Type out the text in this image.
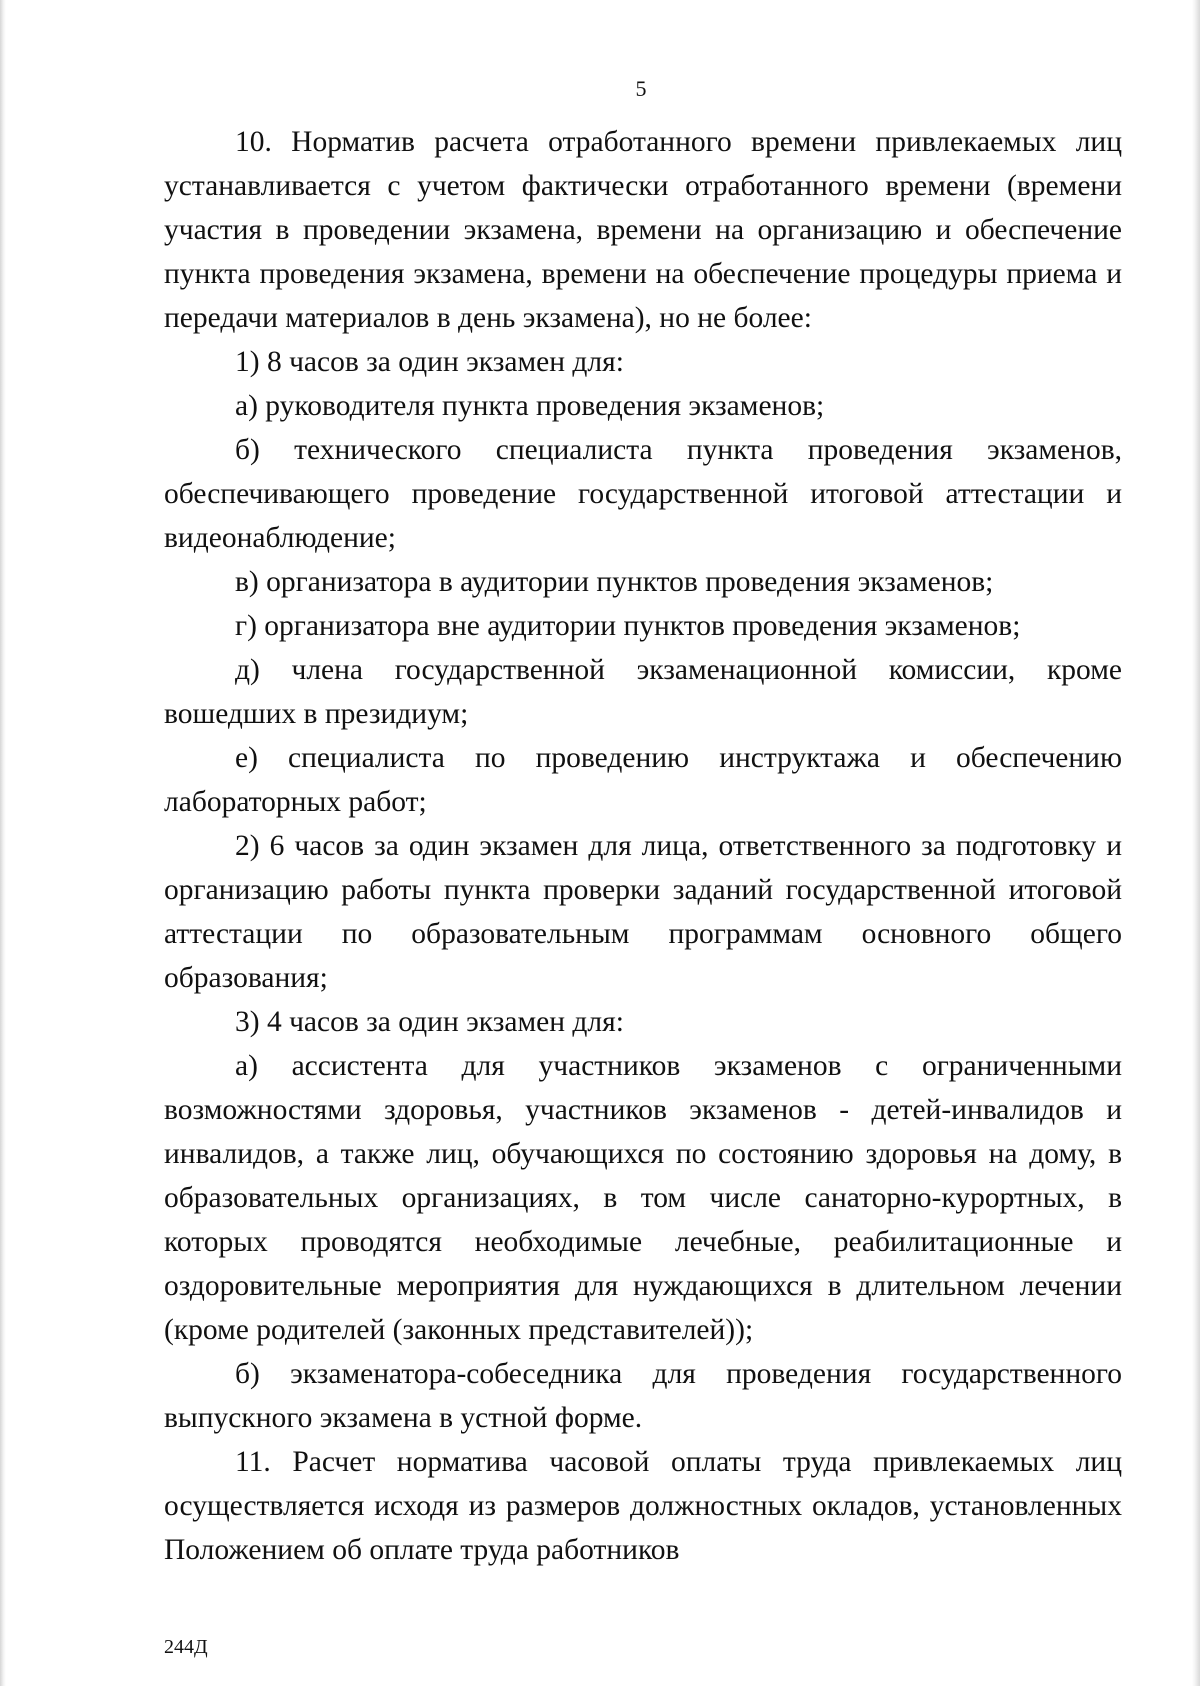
5

10. Норматив расчета отработанного времени привлекаемых лиц устанавливается с учетом фактически отработанного времени (времени участия в проведении экзамена, времени на организацию и обеспечение пункта проведения экзамена, времени на обеспечение процедуры приема и передачи материалов в день экзамена), но не более:

1) 8 часов за один экзамен для:

а) руководителя пункта проведения экзаменов;

б) технического специалиста пункта проведения экзаменов, обеспечивающего проведение государственной итоговой аттестации и видеонаблюдение;

в) организатора в аудитории пунктов проведения экзаменов;

г) организатора вне аудитории пунктов проведения экзаменов;

д) члена государственной экзаменационной комиссии, кроме вошедших в президиум;

е) специалиста по проведению инструктажа и обеспечению лабораторных работ;

2) 6 часов за один экзамен для лица, ответственного за подготовку и организацию работы пункта проверки заданий государственной итоговой аттестации по образовательным программам основного общего образования;

3) 4 часов за один экзамен для:

а) ассистента для участников экзаменов с ограниченными возможностями здоровья, участников экзаменов - детей-инвалидов и инвалидов, а также лиц, обучающихся по состоянию здоровья на дому, в образовательных организациях, в том числе санаторно-курортных, в которых проводятся необходимые лечебные, реабилитационные и оздоровительные мероприятия для нуждающихся в длительном лечении (кроме родителей (законных представителей));

б) экзаменатора-собеседника для проведения государственного выпускного экзамена в устной форме.

11. Расчет норматива часовой оплаты труда привлекаемых лиц осуществляется исходя из размеров должностных окладов, установленных Положением об оплате труда работников

244Д
